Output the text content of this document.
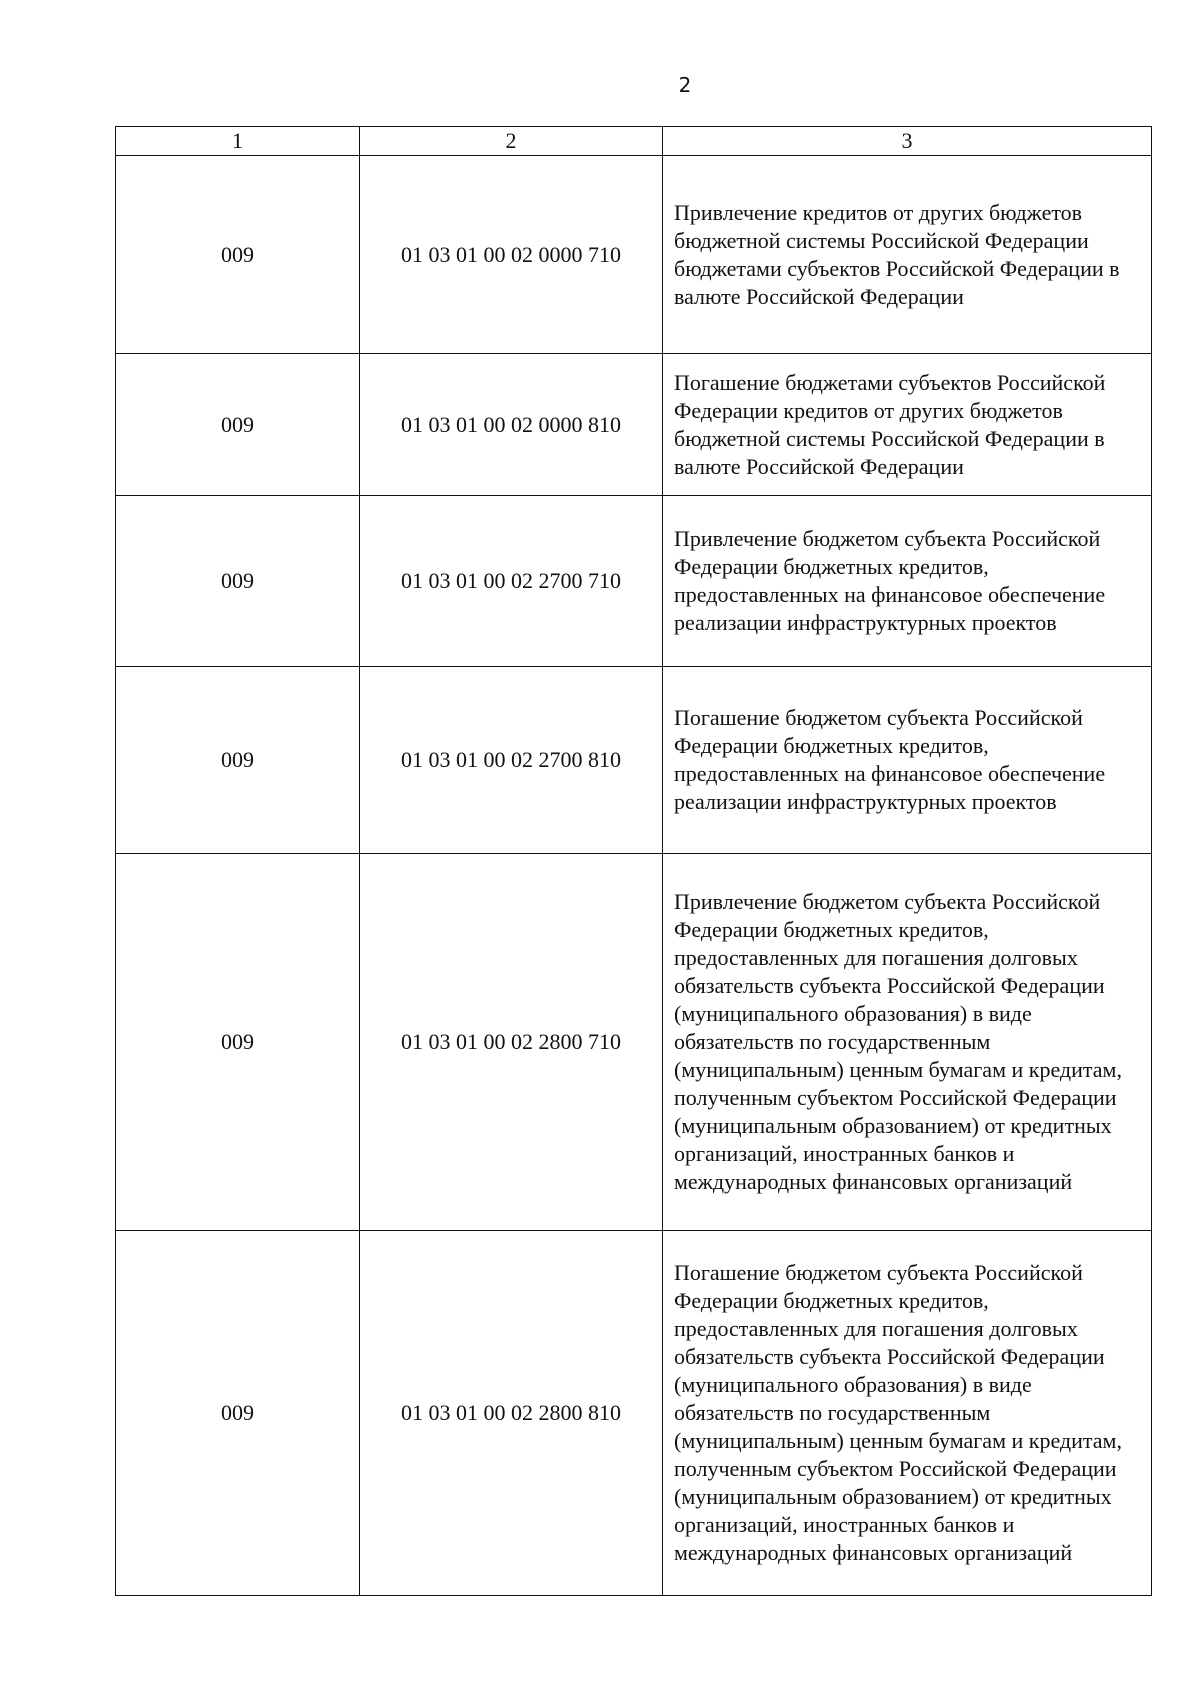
2
1	2	3
009	01 03 01 00 02 0000 710	Привлечение кредитов от других бюджетов бюджетной системы Российской Федерации бюджетами субъектов Российской Федерации в валюте Российской Федерации
009	01 03 01 00 02 0000 810	Погашение бюджетами субъектов Российской Федерации кредитов от других бюджетов бюджетной системы Российской Федерации в валюте Российской Федерации
009	01 03 01 00 02 2700 710	Привлечение бюджетом субъекта Российской Федерации бюджетных кредитов, предоставленных на финансовое обеспечение реализации инфраструктурных проектов
009	01 03 01 00 02 2700 810	Погашение бюджетом субъекта Российской Федерации бюджетных кредитов, предоставленных на финансовое обеспечение реализации инфраструктурных проектов
009	01 03 01 00 02 2800 710	Привлечение бюджетом субъекта Российской Федерации бюджетных кредитов, предоставленных для погашения долговых обязательств субъекта Российской Федерации (муниципального образования) в виде обязательств по государственным (муниципальным) ценным бумагам и кредитам, полученным субъектом Российской Федерации (муниципальным образованием) от кредитных организаций, иностранных банков и международных финансовых организаций
009	01 03 01 00 02 2800 810	Погашение бюджетом субъекта Российской Федерации бюджетных кредитов, предоставленных для погашения долговых обязательств субъекта Российской Федерации (муниципального образования) в виде обязательств по государственным (муниципальным) ценным бумагам и кредитам, полученным субъектом Российской Федерации (муниципальным образованием) от кредитных организаций, иностранных банков и международных финансовых организаций
